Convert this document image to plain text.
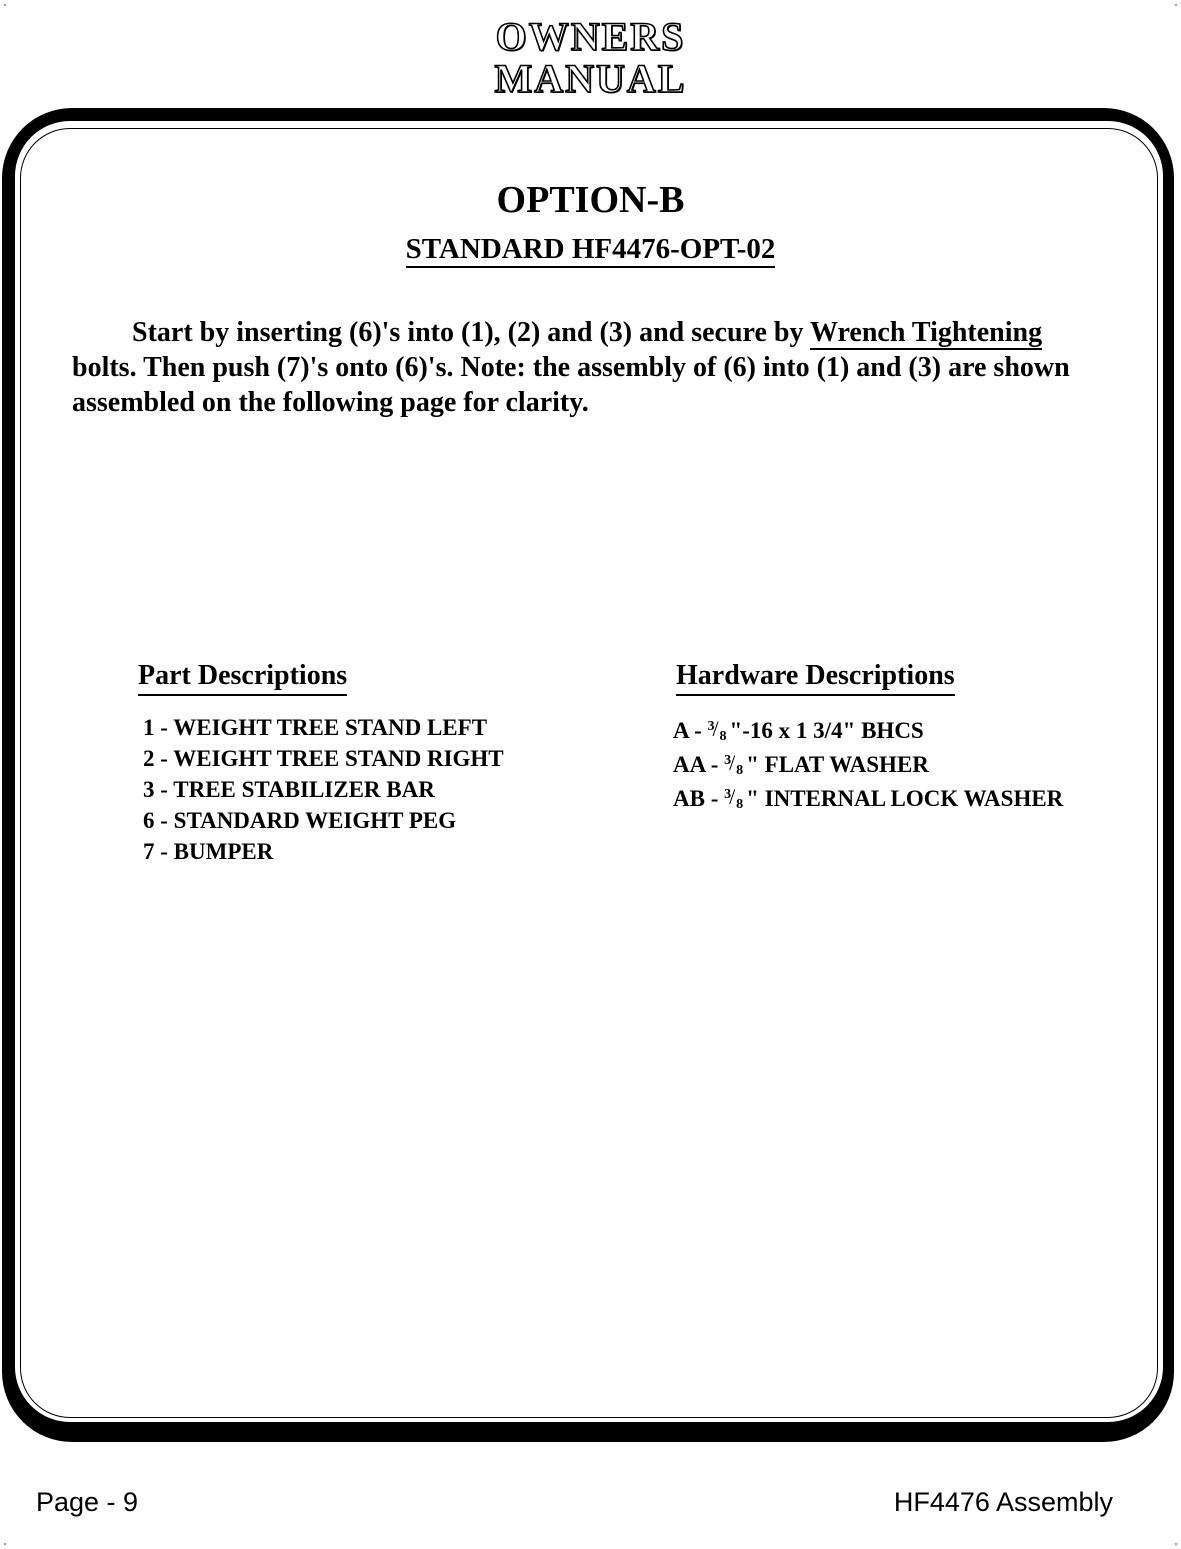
OWNERS
MANUAL
OPTION-B
STANDARD HF4476-OPT-02
Start by inserting (6)'s into (1), (2) and (3) and secure by Wrench Tightening bolts. Then push (7)'s onto (6)'s. Note: the assembly of (6) into (1) and (3) are shown assembled on the following page for clarity.
Part Descriptions
1 - WEIGHT TREE STAND LEFT
2 - WEIGHT TREE STAND RIGHT
3 - TREE STABILIZER BAR
6 - STANDARD WEIGHT PEG
7 - BUMPER
Hardware Descriptions
A - 3
/ 8 "-16 x 1 3/4" BHCS
AA - 3
/ 8 " FLAT WASHER
AB - 3
/ 8 " INTERNAL LOCK WASHER
Page - 9	HF4476 Assembly
